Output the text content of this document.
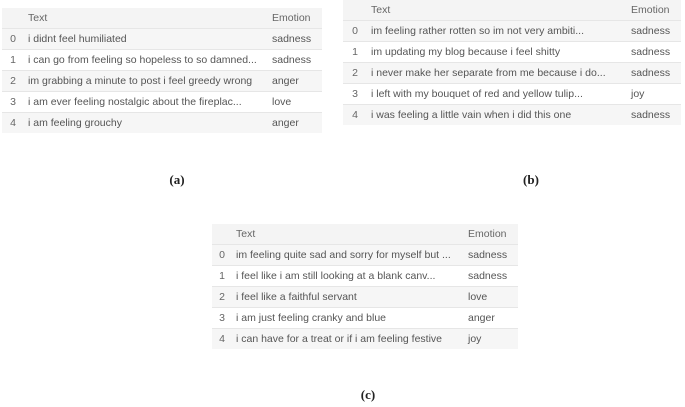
	Text	Emotion
0	i didnt feel humiliated	sadness
1	i can go from feeling so hopeless to so damned...	sadness
2	im grabbing a minute to post i feel greedy wrong	anger
3	i am ever feeling nostalgic about the fireplac...	love
4	i am feeling grouchy	anger
(a)
	Text	Emotion
0	im feeling rather rotten so im not very ambiti...	sadness
1	im updating my blog because i feel shitty	sadness
2	i never make her separate from me because i do...	sadness
3	i left with my bouquet of red and yellow tulip...	joy
4	i was feeling a little vain when i did this one	sadness
(b)
	Text	Emotion
0	im feeling quite sad and sorry for myself but ...	sadness
1	i feel like i am still looking at a blank canv...	sadness
2	i feel like a faithful servant	love
3	i am just feeling cranky and blue	anger
4	i can have for a treat or if i am feeling festive	joy
(c)
